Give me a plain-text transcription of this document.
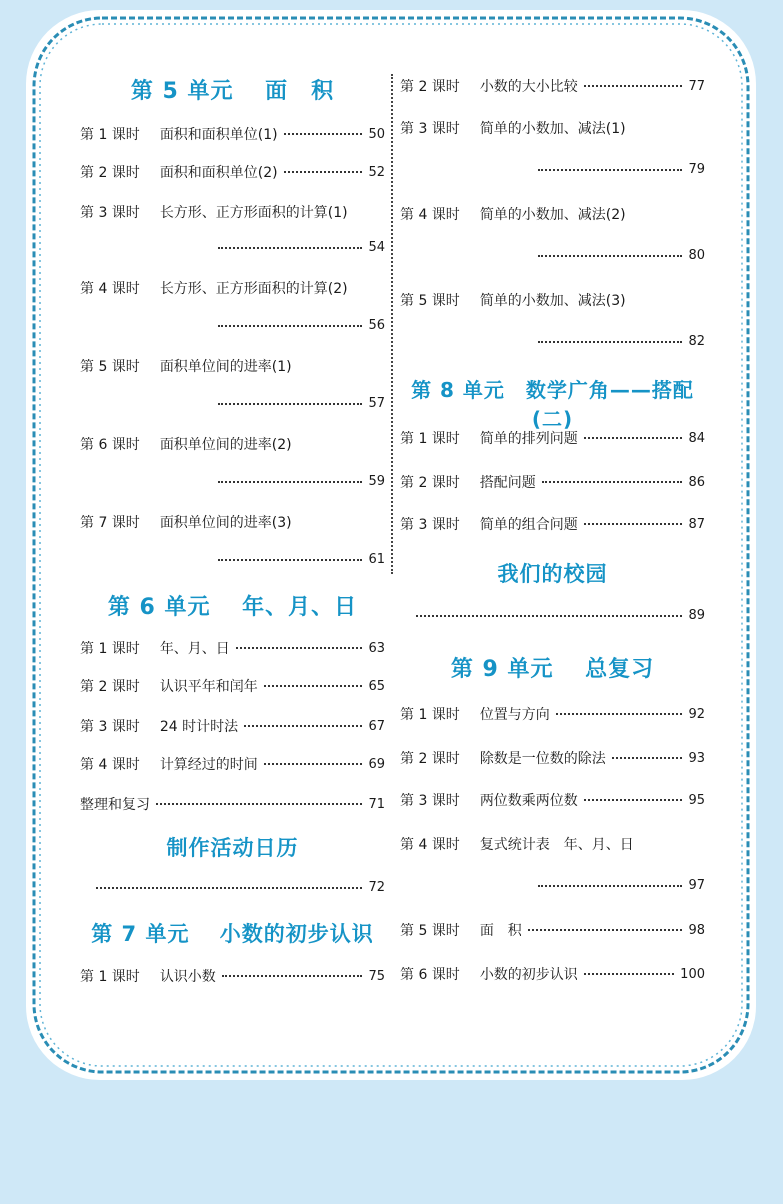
第 5 单元　 面　积
第 1 课时 面积和面积单位(1)	50
第 2 课时 面积和面积单位(2)	52
第 3 课时 长方形、正方形面积的计算(1)
54
第 4 课时 长方形、正方形面积的计算(2)
56
第 5 课时 面积单位间的进率(1)
57
第 6 课时 面积单位间的进率(2)
59
第 7 课时 面积单位间的进率(3)
61
第 6 单元　 年、月、日
第 1 课时 年、月、日	63
第 2 课时 认识平年和闰年	65
第 3 课时 24 时计时法	67
第 4 课时 计算经过的时间	69
整理和复习	71
制作活动日历
72
第 7 单元　 小数的初步认识
第 1 课时 认识小数	75
第 2 课时 小数的大小比较	77
第 3 课时 简单的小数加、减法(1)
79
第 4 课时 简单的小数加、减法(2)
80
第 5 课时 简单的小数加、减法(3)
82
第 8 单元　数学广角——搭配(二)
第 1 课时 简单的排列问题	84
第 2 课时 搭配问题	86
第 3 课时 简单的组合问题	87
我们的校园
89
第 9 单元　 总复习
第 1 课时 位置与方向	92
第 2 课时 除数是一位数的除法	93
第 3 课时 两位数乘两位数	95
第 4 课时 复式统计表　年、月、日
97
第 5 课时 面　积	98
第 6 课时 小数的初步认识	100
